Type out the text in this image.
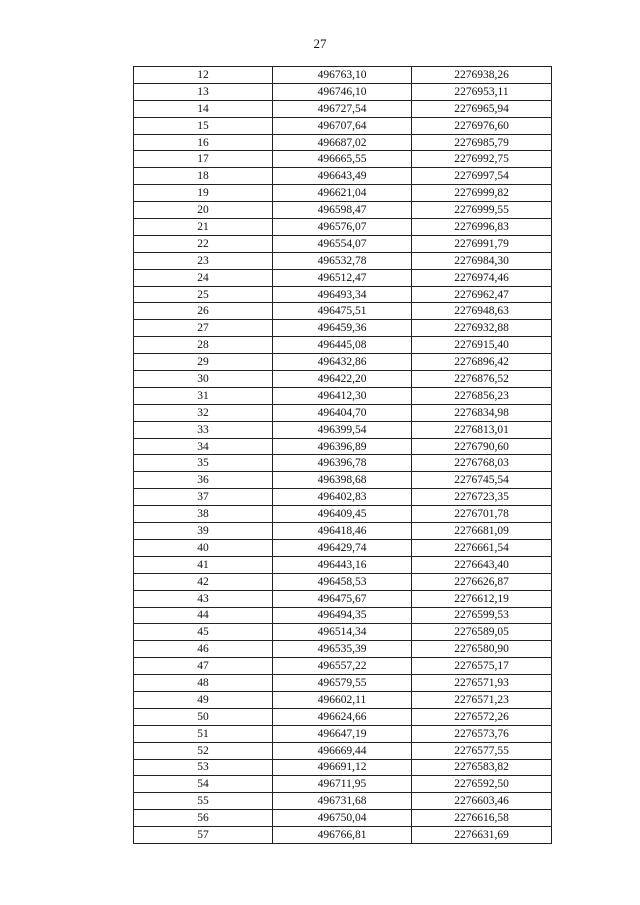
27
12	496763,10	2276938,26
13	496746,10	2276953,11
14	496727,54	2276965,94
15	496707,64	2276976,60
16	496687,02	2276985,79
17	496665,55	2276992,75
18	496643,49	2276997,54
19	496621,04	2276999,82
20	496598,47	2276999,55
21	496576,07	2276996,83
22	496554,07	2276991,79
23	496532,78	2276984,30
24	496512,47	2276974,46
25	496493,34	2276962,47
26	496475,51	2276948,63
27	496459,36	2276932,88
28	496445,08	2276915,40
29	496432,86	2276896,42
30	496422,20	2276876,52
31	496412,30	2276856,23
32	496404,70	2276834,98
33	496399,54	2276813,01
34	496396,89	2276790,60
35	496396,78	2276768,03
36	496398,68	2276745,54
37	496402,83	2276723,35
38	496409,45	2276701,78
39	496418,46	2276681,09
40	496429,74	2276661,54
41	496443,16	2276643,40
42	496458,53	2276626,87
43	496475,67	2276612,19
44	496494,35	2276599,53
45	496514,34	2276589,05
46	496535,39	2276580,90
47	496557,22	2276575,17
48	496579,55	2276571,93
49	496602,11	2276571,23
50	496624,66	2276572,26
51	496647,19	2276573,76
52	496669,44	2276577,55
53	496691,12	2276583,82
54	496711,95	2276592,50
55	496731,68	2276603,46
56	496750,04	2276616,58
57	496766,81	2276631,69
